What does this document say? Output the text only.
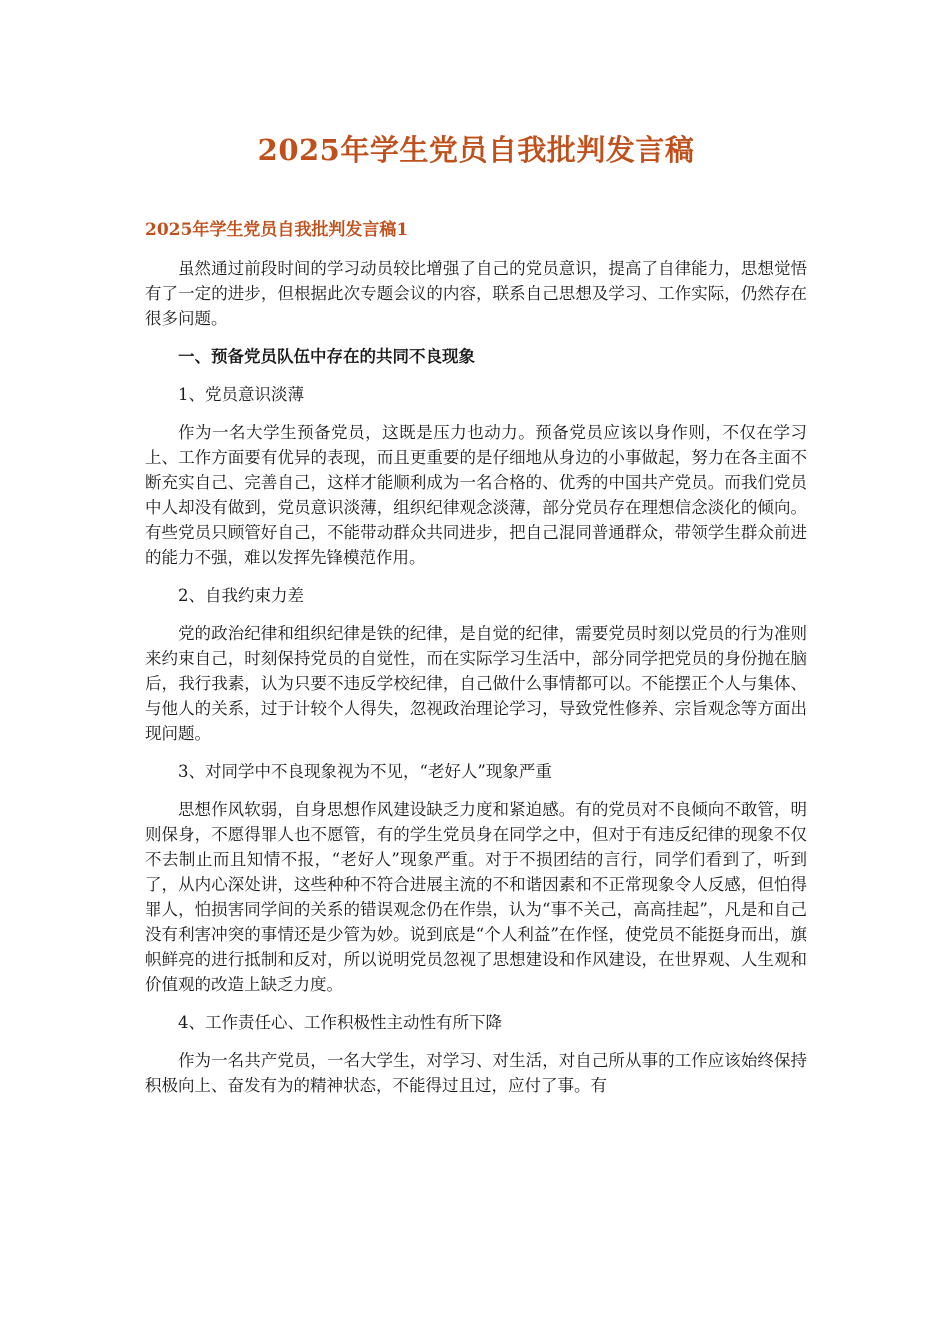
2025年学生党员自我批判发言稿
2025年学生党员自我批判发言稿1

虽然通过前段时间的学习动员较比增强了自己的党员意识，提高了自律能力，思想觉悟有了一定的进步，但根据此次专题会议的内容，联系自己思想及学习、工作实际，仍然存在很多问题。

一、预备党员队伍中存在的共同不良现象

1、党员意识淡薄

作为一名大学生预备党员，这既是压力也动力。预备党员应该以身作则，不仅在学习上、工作方面要有优异的表现，而且更重要的是仔细地从身边的小事做起，努力在各主面不断充实自己、完善自己，这样才能顺利成为一名合格的、优秀的中国共产党员。而我们党员中人却没有做到，党员意识淡薄，组织纪律观念淡薄，部分党员存在理想信念淡化的倾向。有些党员只顾管好自己，不能带动群众共同进步，把自己混同普通群众，带领学生群众前进的能力不强，难以发挥先锋模范作用。

2、自我约束力差

党的政治纪律和组织纪律是铁的纪律，是自觉的纪律，需要党员时刻以党员的行为准则来约束自己，时刻保持党员的自觉性，而在实际学习生活中，部分同学把党员的身份抛在脑后，我行我素，认为只要不违反学校纪律，自己做什么事情都可以。不能摆正个人与集体、与他人的关系，过于计较个人得失，忽视政治理论学习，导致党性修养、宗旨观念等方面出现问题。

3、对同学中不良现象视为不见，“老好人”现象严重

思想作风软弱，自身思想作风建设缺乏力度和紧迫感。有的党员对不良倾向不敢管，明则保身，不愿得罪人也不愿管，有的学生党员身在同学之中，但对于有违反纪律的现象不仅不去制止而且知情不报，“老好人”现象严重。对于不损团结的言行，同学们看到了，听到了，从内心深处讲，这些种种不符合进展主流的不和谐因素和不正常现象令人反感，但怕得罪人，怕损害同学间的关系的错误观念仍在作祟，认为“事不关己，高高挂起”，凡是和自己没有利害冲突的事情还是少管为妙。说到底是“个人利益”在作怪，使党员不能挺身而出，旗帜鲜亮的进行抵制和反对，所以说明党员忽视了思想建设和作风建设，在世界观、人生观和价值观的改造上缺乏力度。

4、工作责任心、工作积极性主动性有所下降

作为一名共产党员，一名大学生，对学习、对生活，对自己所从事的工作应该始终保持积极向上、奋发有为的精神状态，不能得过且过，应付了事。有
